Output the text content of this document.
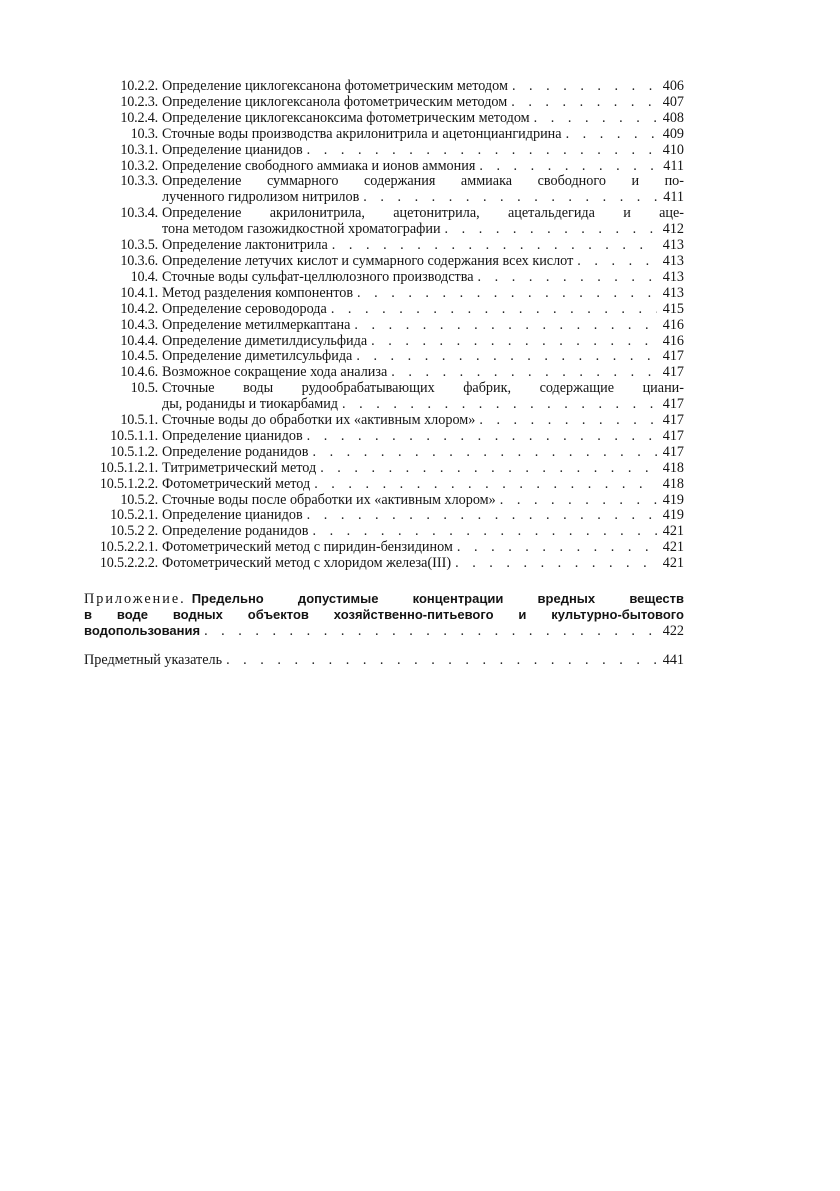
10.2.2. Определение циклогексанона фотометрическим методом . . .	406
10.2.3. Определение циклогексанола фотометрическим методом . . .	407
10.2.4. Определение циклогексаноксима фотометрическим методом . . .	408
10.3. Сточные воды производства акрилонитрила и ацетонциангидрина . . .	409
10.3.1. Определение цианидов . . .	410
10.3.2. Определение свободного аммиака и ионов аммония . . .	411
10.3.3. Определение суммарного содержания аммиака свободного и по-
лученного гидролизом нитрилов . . .	411
10.3.4. Определение акрилонитрила, ацетонитрила, ацетальдегида и аце-
тона методом газожидкостной хроматографии . . .	412
10.3.5. Определение лактонитрила . . .	413
10.3.6. Определение летучих кислот и суммарного содержания всех кислот . . .	413
10.4. Сточные воды сульфат-целлюлозного производства . . .	413
10.4.1. Метод разделения компонентов . . .	413
10.4.2. Определение сероводорода . . .	415
10.4.3. Определение метилмеркаптана . . .	416
10.4.4. Определение диметилдисульфида . . .	416
10.4.5. Определение диметилсульфида . . .	417
10.4.6. Возможное сокращение хода анализа . . .	417
10.5. Сточные воды рудообрабатывающих фабрик, содержащие циани-
ды, роданиды и тиокарбамид . . .	417
10.5.1. Сточные воды до обработки их «активным хлором» . . .	417
10.5.1.1. Определение цианидов . . .	417
10.5.1.2. Определение роданидов . . .	417
10.5.1.2.1. Титриметрический метод . . .	418
10.5.1.2.2. Фотометрический метод . . .	418
10.5.2. Сточные воды после обработки их «активным хлором» . . .	419
10.5.2.1. Определение цианидов . . .	419
10.5.2 2. Определение роданидов . . .	421
10.5.2.2.1. Фотометрический метод с пиридин-бензидином . . .	421
10.5.2.2.2. Фотометрический метод с хлоридом железа(III) . . .	421
Приложение. Предельно допустимые концентрации вредных веществ
в воде водных объектов хозяйственно-питьевого и культурно-бытового
водопользования . . .	422
Предметный указатель . . .	441
